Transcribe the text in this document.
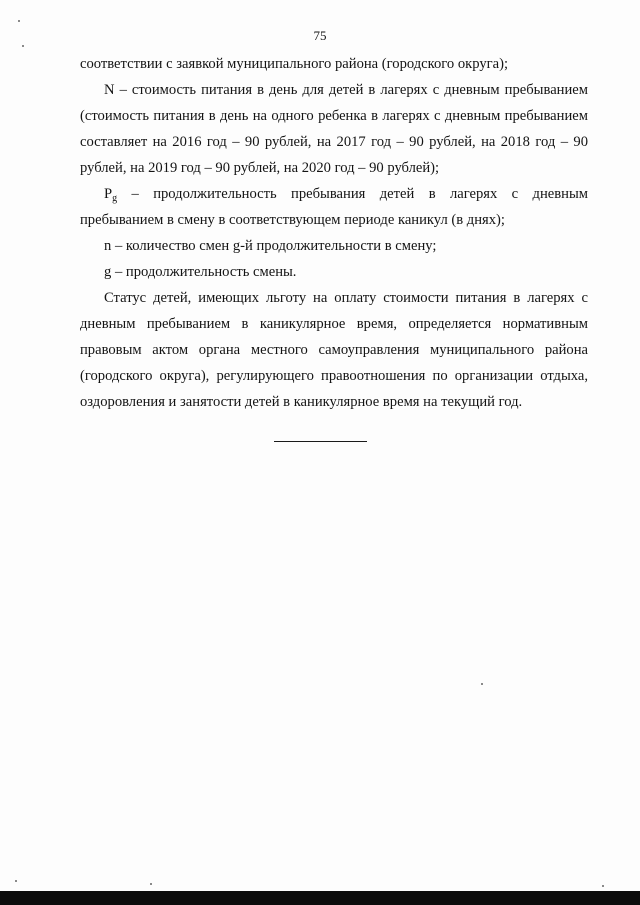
75

соответствии с заявкой муниципального района (городского округа);

N – стоимость питания в день для детей в лагерях с дневным пребыванием (стоимость питания в день на одного ребенка в лагерях с дневным пребыванием составляет на 2016 год – 90 рублей, на 2017 год – 90 рублей, на 2018 год – 90 рублей, на 2019 год – 90 рублей, на 2020 год – 90 рублей);

$P_g$ – продолжительность пребывания детей в лагерях с дневным пребыванием в смену в соответствующем периоде каникул (в днях);

n – количество смен g-й продолжительности в смену;

g – продолжительность смены.

Статус детей, имеющих льготу на оплату стоимости питания в лагерях с дневным пребыванием в каникулярное время, определяется нормативным правовым актом органа местного самоуправления муниципального района (городского округа), регулирующего правоотношения по организации отдыха, оздоровления и занятости детей в каникулярное время на текущий год.
